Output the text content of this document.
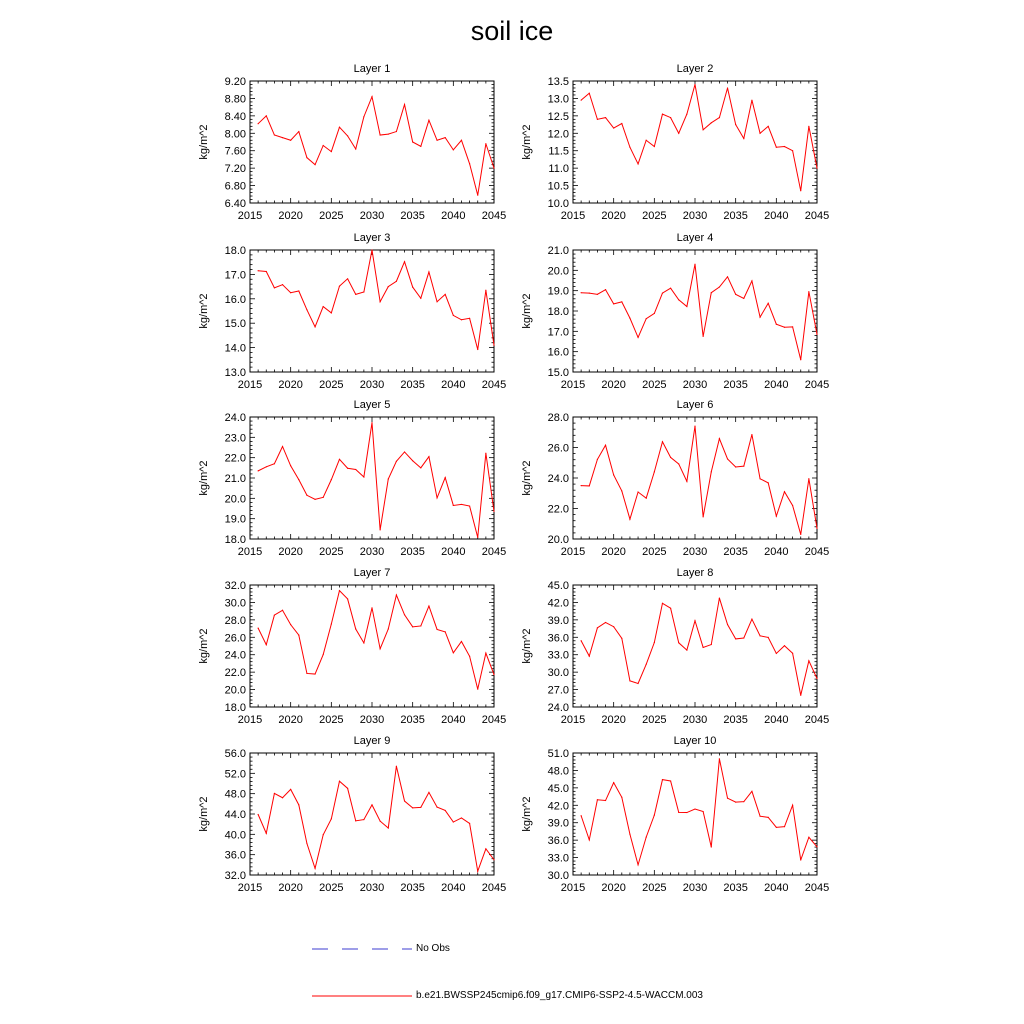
soil ice
Layer 1
2015 2020 2025 2030 2035 2040 2045
6.40
6.80
7.20
7.60
8.00
8.40
8.80
9.20
kg/m^2
Layer 2
2015 2020 2025 2030 2035 2040 2045
10.0
10.5
11.0
11.5
12.0
12.5
13.0
13.5
kg/m^2
Layer 3
2015 2020 2025 2030 2035 2040 2045
13.0
14.0
15.0
16.0
17.0
18.0
kg/m^2
Layer 4
2015 2020 2025 2030 2035 2040 2045
15.0
16.0
17.0
18.0
19.0
20.0
21.0
kg/m^2
Layer 5
2015 2020 2025 2030 2035 2040 2045
18.0
19.0
20.0
21.0
22.0
23.0
24.0
kg/m^2
Layer 6
2015 2020 2025 2030 2035 2040 2045
20.0
22.0
24.0
26.0
28.0
kg/m^2
Layer 7
2015 2020 2025 2030 2035 2040 2045
18.0
20.0
22.0
24.0
26.0
28.0
30.0
32.0
kg/m^2
Layer 8
2015 2020 2025 2030 2035 2040 2045
24.0
27.0
30.0
33.0
36.0
39.0
42.0
45.0
kg/m^2
Layer 9
2015 2020 2025 2030 2035 2040 2045
32.0
36.0
40.0
44.0
48.0
52.0
56.0
kg/m^2
Layer 10
2015 2020 2025 2030 2035 2040 2045
30.0
33.0
36.0
39.0
42.0
45.0
48.0
51.0
kg/m^2
No Obs
b.e21.BWSSP245cmip6.f09_g17.CMIP6-SSP2-4.5-WACCM.003
